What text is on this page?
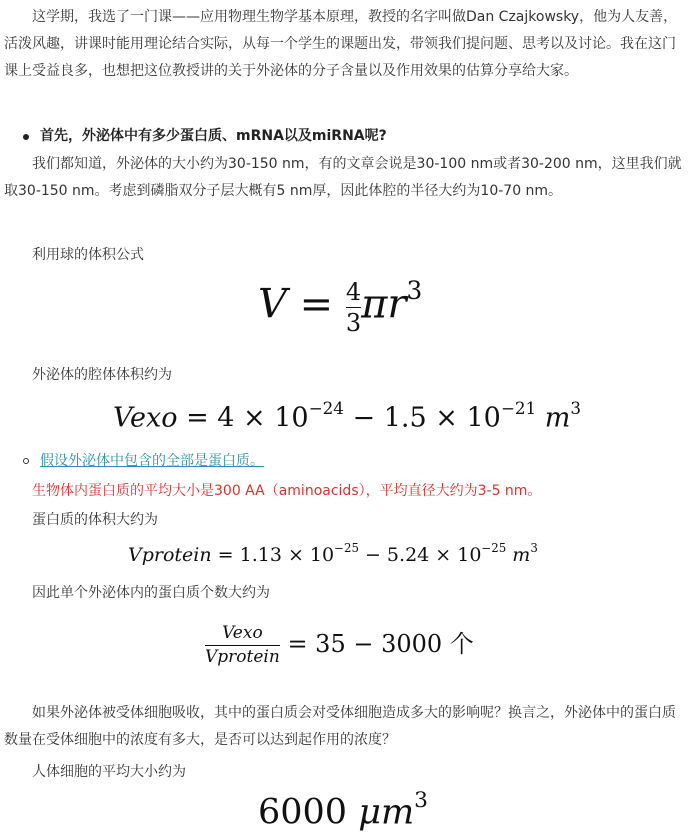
这学期，我选了一门课——应用物理生物学基本原理，教授的名字叫做Dan Czajkowsky，他为人友善，活泼风趣，讲课时能用理论结合实际，从每一个学生的课题出发，带领我们提问题、思考以及讨论。我在这门课上受益良多，也想把这位教授讲的关于外泌体的分子含量以及作用效果的估算分享给大家。
首先，外泌体中有多少蛋白质、mRNA以及miRNA呢?
我们都知道，外泌体的大小约为30-150 nm，有的文章会说是30-100 nm或者30-200 nm，这里我们就取30-150 nm。考虑到磷脂双分子层大概有5 nm厚，因此体腔的半径大约为10-70 nm。
利用球的体积公式
$V = \frac{4}{3} \pi r^3$
外泌体的腔体体积约为
Vexo = $4 \times 10^{-24} - 1.5 \times 10^{-21}$ $m^3$
假设外泌体中包含的全部是蛋白质。
生物体内蛋白质的平均大小是300 AA（aminoacids），平均直径大约为3-5 nm。
蛋白质的体积大约为
Vprotein = $1.13 \times 10^{-25} - 5.24 \times 10^{-25}$ $m^3$
因此单个外泌体内的蛋白质个数大约为
$\frac{\text{Vexo}}{\text{Vprotein}} = 35 - 3000$ 个
如果外泌体被受体细胞吸收，其中的蛋白质会对受体细胞造成多大的影响呢？换言之，外泌体中的蛋白质数量在受体细胞中的浓度有多大，是否可以达到起作用的浓度？
人体细胞的平均大小约为
6000 $\mu m^3$
